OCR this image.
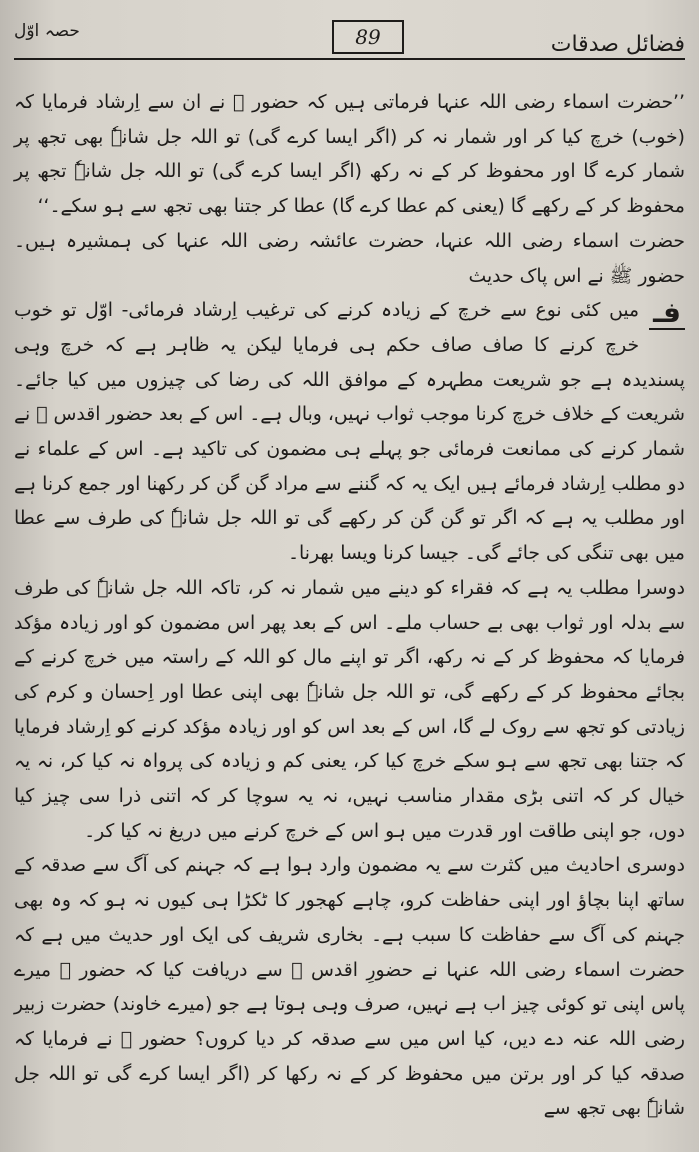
حصہ اوّل	89	فضائل صدقات

’’حضرت اسماء رضی اللہ عنہا فرماتی ہیں کہ حضور ﷺ نے ان سے اِرشاد فرمایا کہ (خوب) خرچ کیا کر اور شمار نہ کر (اگر ایسا کرے گی) تو اللہ جل شانہٗ بھی تجھ پر شمار کرے گا اور محفوظ کر کے نہ رکھ (اگر ایسا کرے گی) تو اللہ جل شانہٗ تجھ پر محفوظ کر کے رکھے گا (یعنی کم عطا کرے گا) عطا کر جتنا بھی تجھ سے ہو سکے۔‘‘

حضرت اسماء رضی اللہ عنہا، حضرت عائشہ رضی اللہ عنہا کی ہمشیرہ ہیں۔ حضور ﷺ نے اس پاک حدیث

فـ
میں کئی نوع سے خرچ کے زیادہ کرنے کی ترغیب اِرشاد فرمائی- اوّل تو خوب خرچ کرنے کا صاف صاف حکم ہی فرمایا لیکن یہ ظاہر ہے کہ خرچ وہی پسندیدہ ہے جو شریعت مطہرہ کے موافق اللہ کی رضا کی چیزوں میں کیا جائے۔ شریعت کے خلاف خرچ کرنا موجب ثواب نہیں، وبال ہے۔ اس کے بعد حضور اقدس ﷺ نے شمار کرنے کی ممانعت فرمائی جو پہلے ہی مضمون کی تاکید ہے۔ اس کے علماء نے دو مطلب اِرشاد فرمائے ہیں ایک یہ کہ گننے سے مراد گن گن کر رکھنا اور جمع کرنا ہے اور مطلب یہ ہے کہ اگر تو گن گن کر رکھے گی تو اللہ جل شانہٗ کی طرف سے عطا میں بھی تنگی کی جائے گی۔ جیسا کرنا ویسا بھرنا۔

دوسرا مطلب یہ ہے کہ فقراء کو دینے میں شمار نہ کر، تاکہ اللہ جل شانہٗ کی طرف سے بدلہ اور ثواب بھی بے حساب ملے۔ اس کے بعد پھر اس مضمون کو اور زیادہ مؤکد فرمایا کہ محفوظ کر کے نہ رکھ، اگر تو اپنے مال کو اللہ کے راستہ میں خرچ کرنے کے بجائے محفوظ کر کے رکھے گی، تو اللہ جل شانہٗ بھی اپنی عطا اور اِحسان و کرم کی زیادتی کو تجھ سے روک لے گا، اس کے بعد اس کو اور زیادہ مؤکد کرنے کو اِرشاد فرمایا کہ جتنا بھی تجھ سے ہو سکے خرچ کیا کر، یعنی کم و زیادہ کی پرواہ نہ کیا کر، نہ یہ خیال کر کہ اتنی بڑی مقدار مناسب نہیں، نہ یہ سوچا کر کہ اتنی ذرا سی چیز کیا دوں، جو اپنی طاقت اور قدرت میں ہو اس کے خرچ کرنے میں دریغ نہ کیا کر۔

دوسری احادیث میں کثرت سے یہ مضمون وارد ہوا ہے کہ جہنم کی آگ سے صدقہ کے ساتھ اپنا بچاؤ اور اپنی حفاظت کرو، چاہے کھجور کا ٹکڑا ہی کیوں نہ ہو کہ وہ بھی جہنم کی آگ سے حفاظت کا سبب ہے۔ بخاری شریف کی ایک اور حدیث میں ہے کہ حضرت اسماء رضی اللہ عنہا نے حضورِ اقدس ﷺ سے دریافت کیا کہ حضور ﷺ میرے پاس اپنی تو کوئی چیز اب ہے نہیں، صرف وہی ہوتا ہے جو (میرے خاوند) حضرت زبیر رضی اللہ عنہ دے دیں، کیا اس میں سے صدقہ کر دیا کروں؟ حضور ﷺ نے فرمایا کہ صدقہ کیا کر اور برتن میں محفوظ کر کے نہ رکھا کر (اگر ایسا کرے گی تو اللہ جل شانہٗ بھی تجھ سے
